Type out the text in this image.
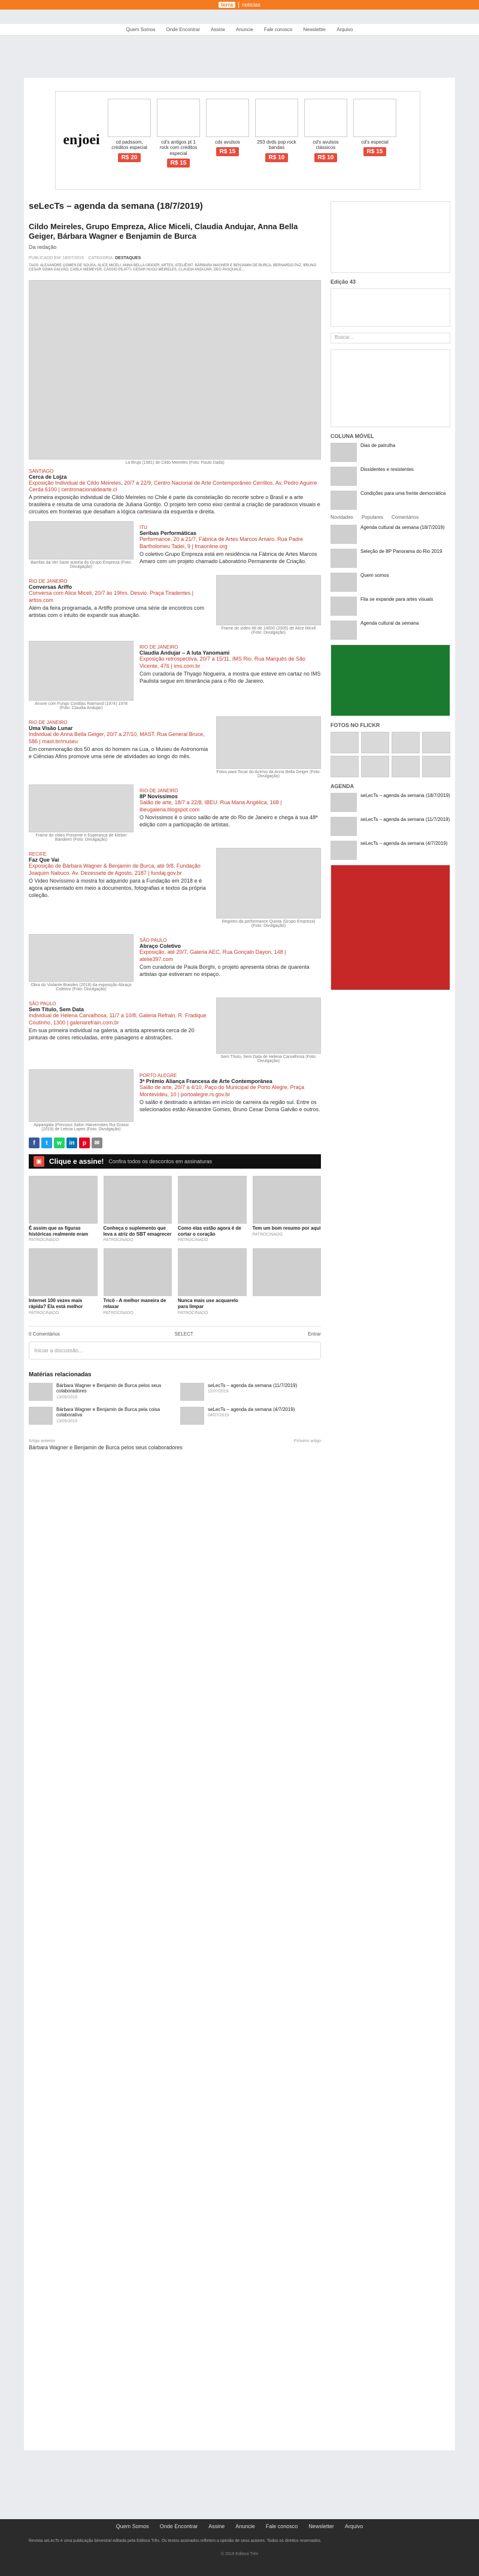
terra | notícias
Quem Somos Onde Encontrar Assine Anuncie Fale conosco Newsletter Arquivo
enjoei	cd padssom, créditos especial
R$ 20
cd's antigos pt 1 rock com créditos especial
R$ 15
cds avulsos
R$ 15
293 dvds pop rock bandas
R$ 10
cd's avulsos clássicos
R$ 10
cd's especial
R$ 15
seLecTs – agenda da semana (18/7/2019)
Cildo Meireles, Grupo Empreza, Alice Miceli, Claudia Andujar, Anna Bella Geiger, Bárbara Wagner e Benjamin de Burca
Da redação
PUBLICADO EM: 18/07/2019 CATEGORIA: DESTAQUES
TAGS: ALEXANDRE GOMES DE SOUSA, ALICE MICELI, ANNA BELLA GEIGER, ARTES, ATELIÊ397, BÁRBARA WAGNER E BENJAMIN DE BURCA, BERNARDO PAZ, BRUNO CESAR DOMA GALVÃO, CARLA NIEMEYER, CÁSSIO PILATTI, CESAR HUGO MEIRELES, CLAUDIA ANDUJAR, DEO PASQUALE...
La Bruja (1981) de Cildo Meireles (Foto: Paulo Dadá)
SANTIAGO
Cerca de Lojza
Exposição Individual de Cildo Meireles, 20/7 a 22/9, Centro Nacional de Arte Contemporâneo Cerrillos. Av. Pedro Aguirre Cerda 6100 | centronacionaldearte.cl
A primeira exposição individual de Cildo Meireles no Chile é parte da constelação do recorte sobre o Brasil e a arte brasileira e resulta de uma curadoria de Juliana Gontijo. O projeto tem como eixo central a criação de paradoxos visuais e circuitos em fronteiras que desafiam a lógica cartesiana da esquerda e direita.
Barrilas da Ver Sane autoria do Grupo Empreza (Foto: Divulgação)
ITU
Seribas Performáticas
Performance, 20 a 21/7, Fábrica de Artes Marcos Amaro. Rua Padre Bartholomeu Tadei, 9 | fmaonline.org
O coletivo Grupo Empreza está em residência na Fábrica de Artes Marcos Amaro com um projeto chamado Laboratório Permanente de Criação.
RIO DE JANEIRO
Conversas Ariffo
Conversa com Alice Miceli, 20/7 às 19hrs. Desvio. Praça Tiradentes | artiss.com
Além da feira programada, a Artiffo promove uma série de encontros com artistas com o intuito de expandir sua atuação.
Frame do vídeo 88 de 14000 (2005) de Alice Miceli (Foto: Divulgação)
Árvore com Fungo Cordilas Raimond (1974) 1978 (Foto: Claudia Andujar)
RIO DE JANEIRO
Claudia Andujar – A luta Yanomami
Exposição retrospectiva, 20/7 a 15/11, IMS Rio. Rua Marquês de São Vicente, 476 | ims.com.br
Com curadoria de Thyago Nogueira, a mostra que esteve em cartaz no IMS Paulista segue em itinerância para o Rio de Janeiro.
RIO DE JANEIRO
Uma Visão Lunar
Individual de Anna Bella Geiger, 20/7 a 27/10, MAST. Rua General Bruce, 586 | mast.br/museu
Em comemoração dos 50 anos do homem na Lua, o Museu de Astronomia e Ciências Afins promove uma série de atividades ao longo do mês.
Fotos para Tocar do Acervo da Anna Bella Geiger (Foto: Divulgação)
Frame do vídeo Presente e Esperança de Kleber Bandeiro (Foto: Divulgação)
RIO DE JANEIRO
8P Novíssimos
Salão de arte, 18/7 a 22/8, IBEU. Rua Maria Angélica, 168 | ibeugaleria.blogspot.com
O Novíssimos é o único salão de arte do Rio de Janeiro e chega à sua 48ª edição com a participação de artistas.
RECIFE
Faz Que Vai
Exposição de Bárbara Wagner & Benjamin de Burca, até 9/8, Fundação Joaquim Nabuco. Av. Dezessete de Agosto, 2187 | fundaj.gov.br
O Video Novíssimo à mostra foi adquirido para a Fundação em 2018 e é agora apresentado em meio a documentos, fotografias e textos da própria coleção.
Registro da performance Quinta (Grupo Empreza) (Foto: Divulgação)
Obra do Violante Brasiles (2019) da exposição Abraço Coletivo (Foto: Divulgação)
SÃO PAULO
Abraço Coletivo
Exposição, até 20/7, Galeria AEC, Rua Gonçalo Dayon, 148 | atelie397.com
Com curadoria de Paula Borghi, o projeto apresenta obras de quarenta artistas que estiveram no espaço.
SÃO PAULO
Sem Título, Sem Data
Individual de Helena Carvalhosa, 11/7 a 10/8, Galeria Refrain, R. Fradique Coutinho, 1300 | galeriarefrain.com.br
Em sua primeira individual na galeria, a artista apresenta cerca de 20 pinturas de cores reticuladas, entre paisagens e abstrações.
Sem Título, Sem Data de Helena Carvalhosa (Foto: Divulgação)
Apparigida (Precious Salon Harvensiteo Rui Grassi (2019) de Leticia Lopes (Foto: Divulgação)
PORTO ALEGRE
3ª Prêmio Aliança Francesa de Arte Contemporânea
Salão de arte, 20/7 a 4/10, Paço do Municipal de Porto Alegre, Praça Montevidéu, 10 | portoalegre.rs.gov.br
O salão é destinado a artistas em início de carreira da região sul. Entre os selecionados estão Alexandre Gomes, Bruno Cesar Doma Galvão e outros.
f	t	w	in	p	✉
▣	Clique e assine! Confira todos os descontos em assinaturas
É assim que as figuras históricas realmente eram
PATROCINADO
Conheça o suplemento que leva a atriz do SBT emagrecer
PATROCINADO
Como elas estão agora é de cortar o coração
PATROCINADO
Tem um bom resumo por aqui
PATROCINADO
Internet 100 vezes mais rápida? Ela está melhor
PATROCINADO
Tricô - A melhor maneira de relaxar
PATROCINADO
Nunca mais use acquarelo para limpar
PATROCINADO
0 Comentários	SELECT	Entrar
Iniciar a discussão...
Matérias relacionadas
Bárbara Wagner e Benjamin de Burca pelos seus colaboradores
13/05/2019
seLecTs – agenda da semana (11/7/2019)
11/07/2019
Bárbara Wagner e Benjamin de Burca pela coisa colaborativa
13/05/2019
seLecTs – agenda da semana (4/7/2019)
04/07/2019
Artigo anterior
Bárbara Wagner e Benjamin de Burca pelos seus colaboradores
Próximo artigo
Edição 43
Buscar...
COLUNA MÓVEL
Dias de patrulha
Dissidentes e resistentes
Condições para uma frente democrática
Novidades Populares Comentários
Agenda cultural da semana (18/7/2019)
Seleção de 8P Panorama do Rio 2019
Quem somos
Fila se expande para artes visuais
Agenda cultural da semana
FOTOS NO FLICKR
AGENDA
seLecTs – agenda da semana (18/7/2019)
seLecTs – agenda da semana (11/7/2019)
seLecTs – agenda da semana (4/7/2019)
Quem Somos Onde Encontrar Assine Anuncie Fale conosco Newsletter Arquivo
Revista seLecTs é uma publicação bimestral editada pela Editora Três. Os textos assinados refletem a opinião de seus autores. Todos os direitos reservados.
© 2019 Editora Três
